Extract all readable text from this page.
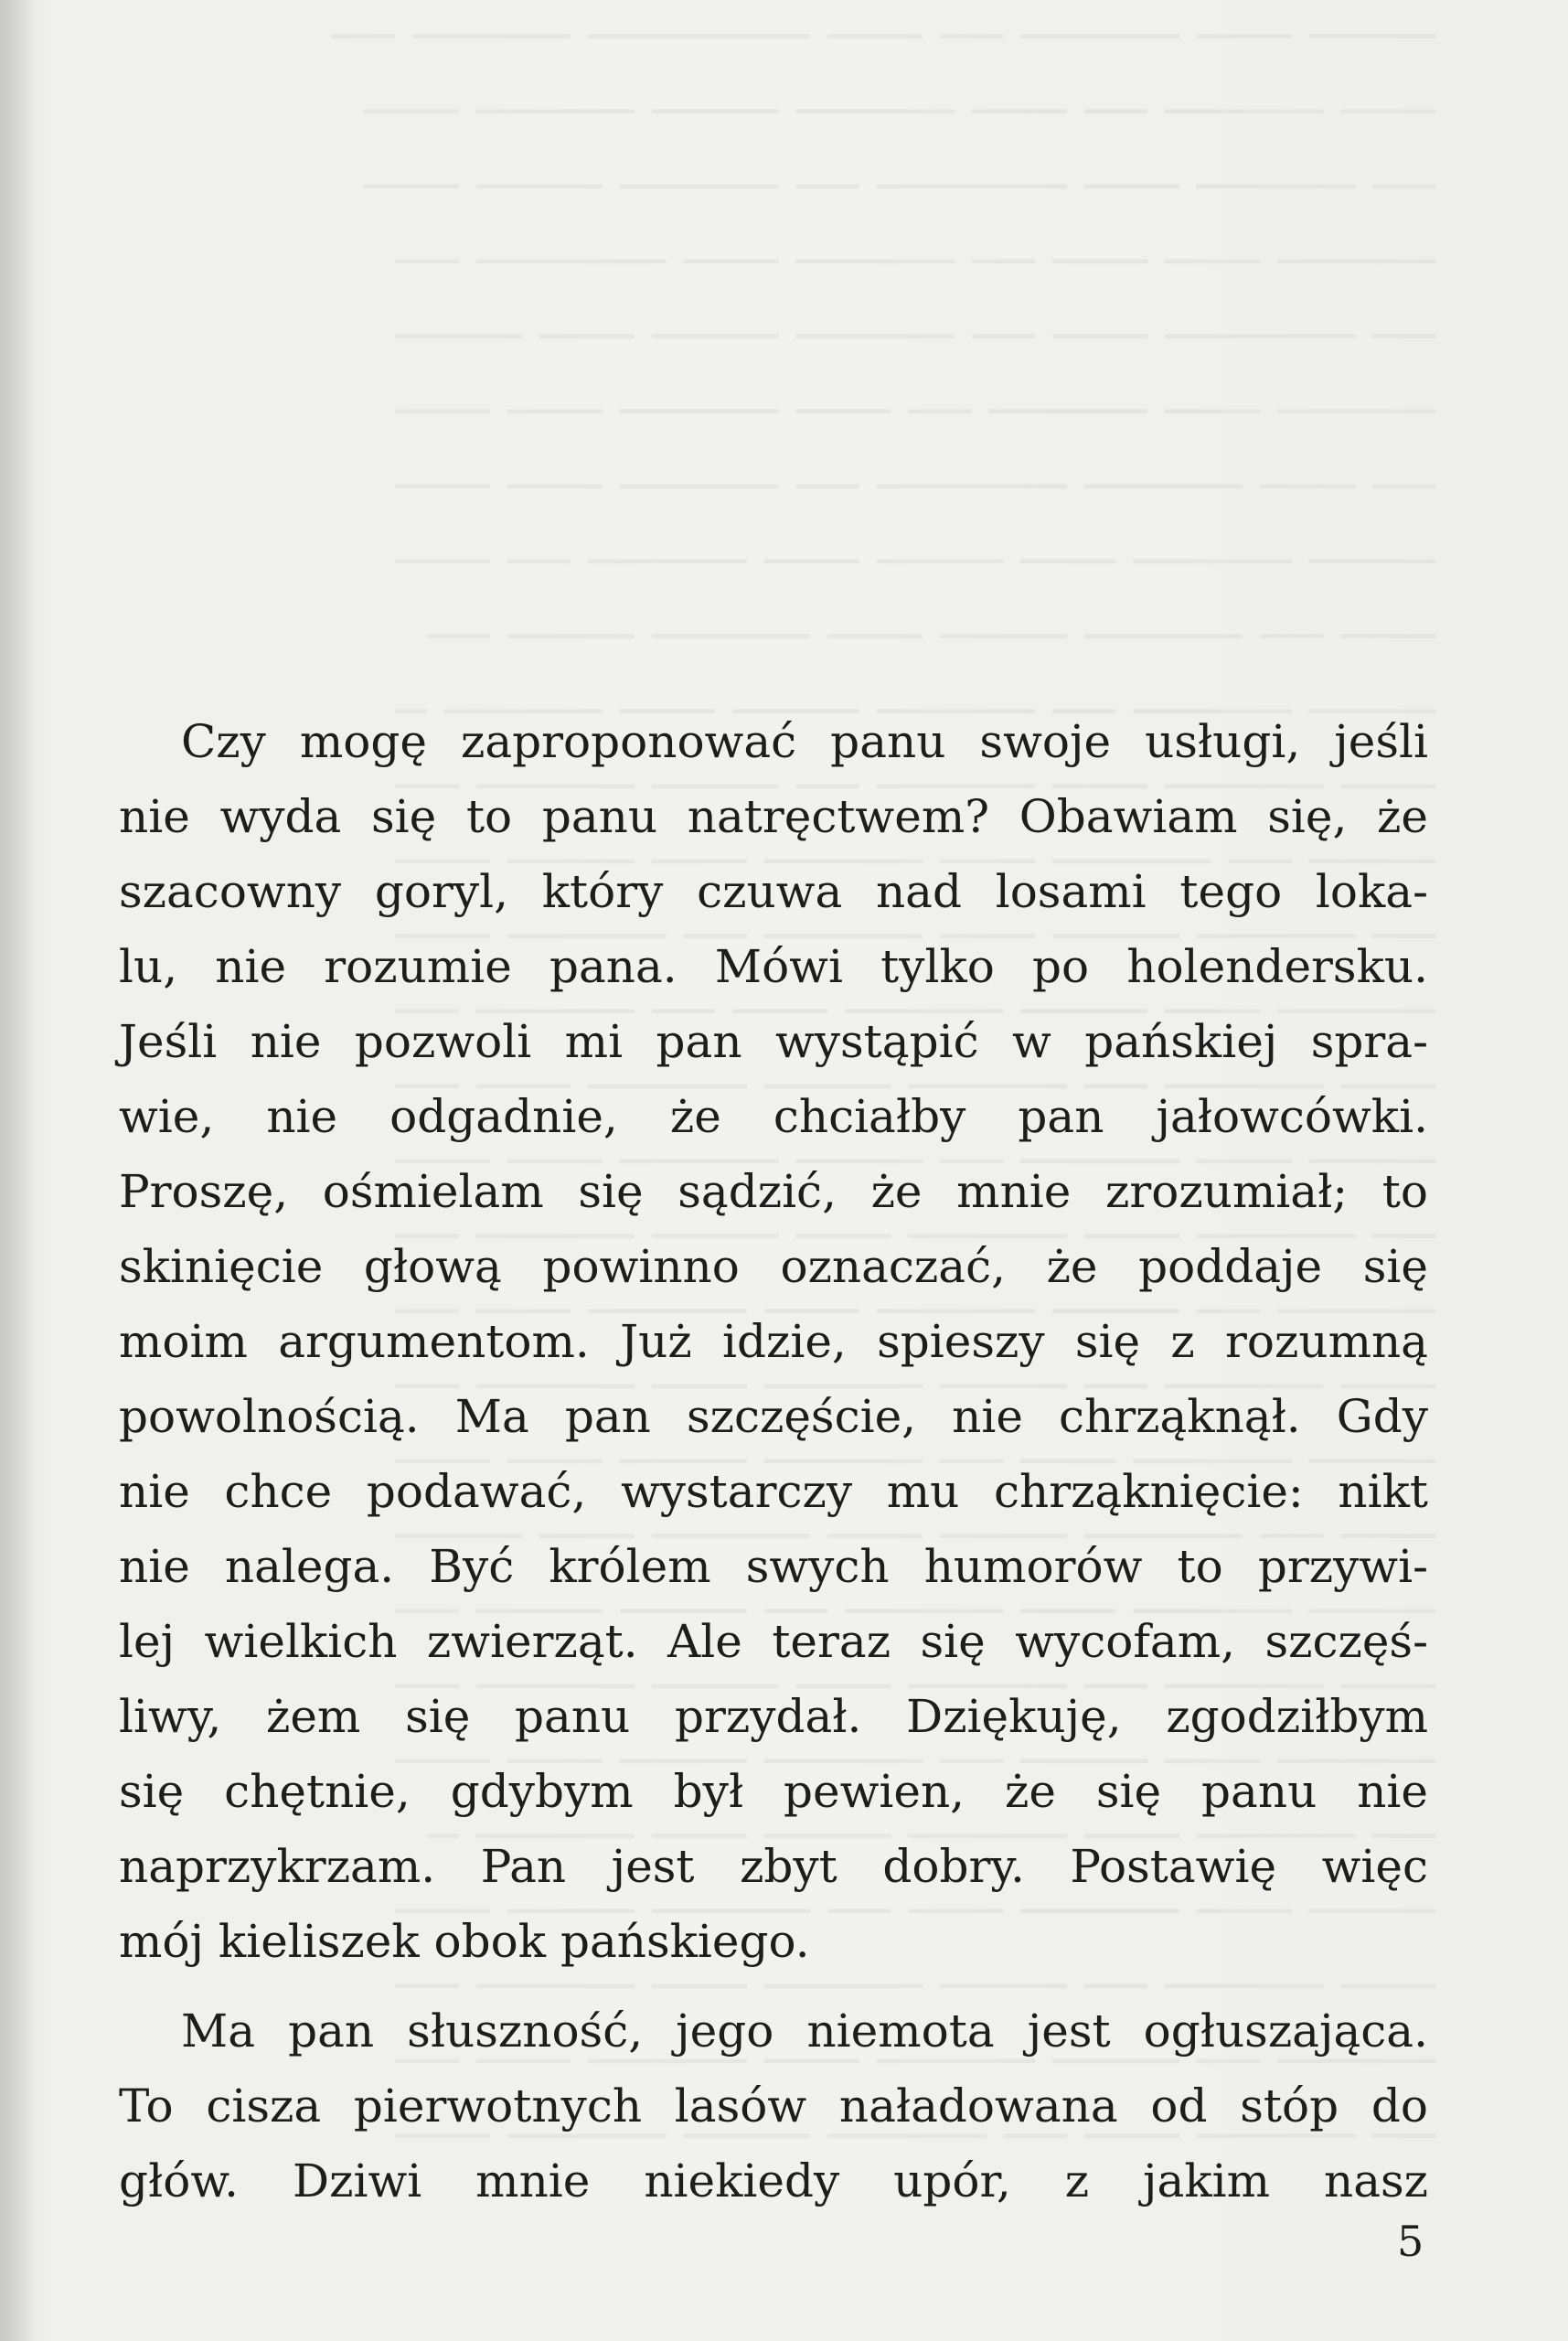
Czy mogę zaproponować panu swoje usługi, jeśli
nie wyda się to panu natręctwem? Obawiam się, że
szacowny goryl, który czuwa nad losami tego loka-
lu, nie rozumie pana. Mówi tylko po holendersku.
Jeśli nie pozwoli mi pan wystąpić w pańskiej spra-
wie, nie odgadnie, że chciałby pan jałowcówki.
Proszę, ośmielam się sądzić, że mnie zrozumiał; to
skinięcie głową powinno oznaczać, że poddaje się
moim argumentom. Już idzie, spieszy się z rozumną
powolnością. Ma pan szczęście, nie chrząknął. Gdy
nie chce podawać, wystarczy mu chrząknięcie: nikt
nie nalega. Być królem swych humorów to przywi-
lej wielkich zwierząt. Ale teraz się wycofam, szczęś-
liwy, żem się panu przydał. Dziękuję, zgodziłbym
się chętnie, gdybym był pewien, że się panu nie
naprzykrzam. Pan jest zbyt dobry. Postawię więc
mój kieliszek obok pańskiego.
Ma pan słuszność, jego niemota jest ogłuszająca.
To cisza pierwotnych lasów naładowana od stóp do
głów. Dziwi mnie niekiedy upór, z jakim nasz
5
